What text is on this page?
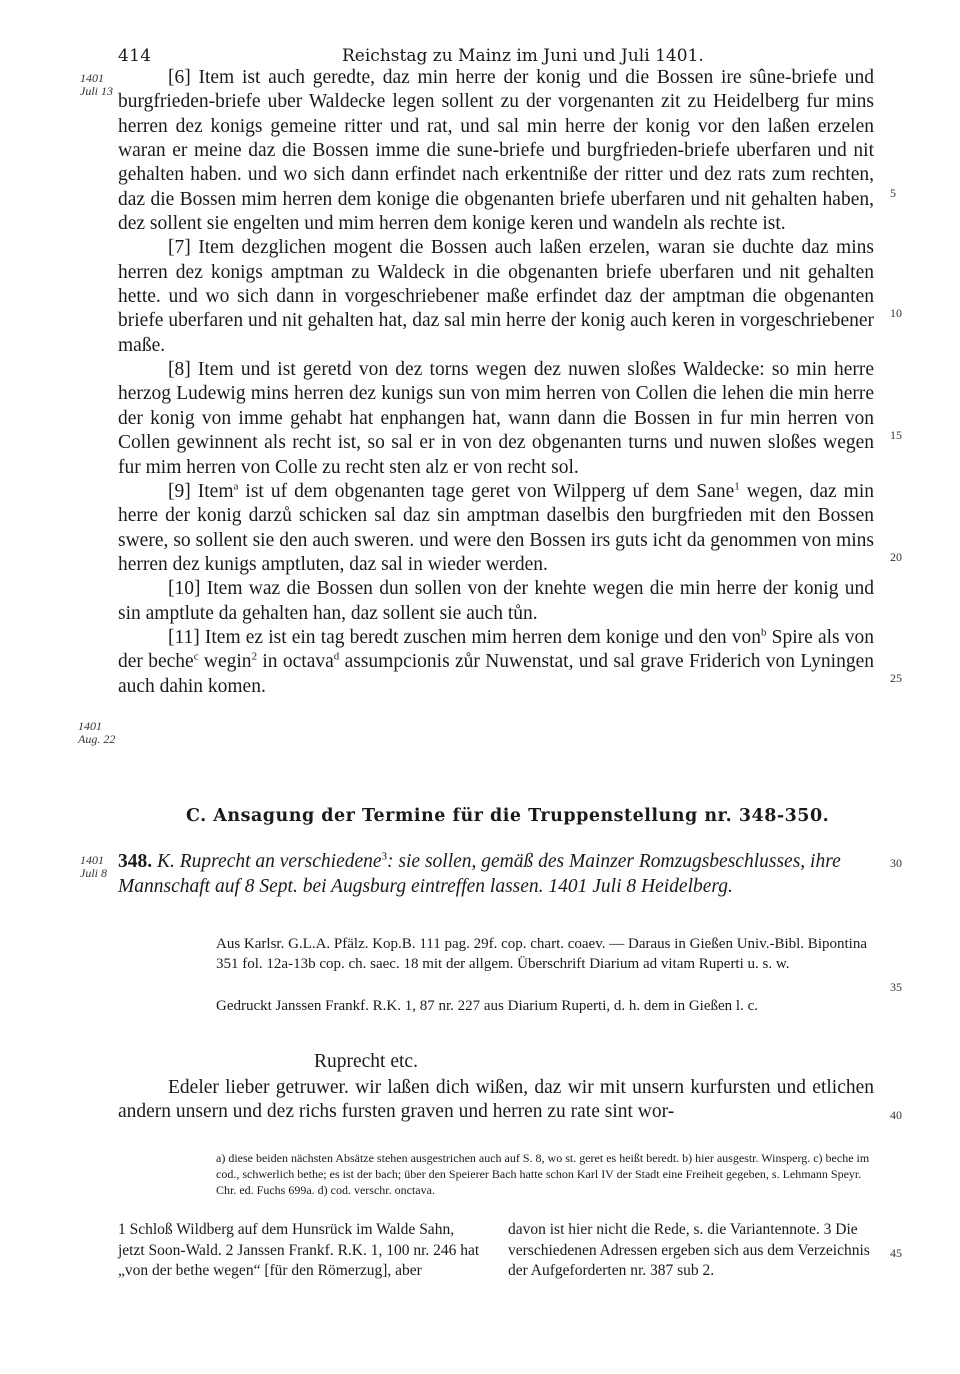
414	Reichstag zu Mainz im Juni und Juli 1401.
1401
Juli 13
1401
Aug. 22
1401
Juli 8
5
10
15
20
25
30
35
40
45

[6] Item ist auch geredte, daz min herre der konig und die Bossen ire sûne-briefe und burgfrieden-briefe uber Waldecke legen sollent zu der vorgenanten zit zu Heidelberg fur mins herren dez konigs gemeine ritter und rat, und sal min herre der konig vor den laßen erzelen waran er meine daz die Bossen imme die sune-briefe und burgfrieden-briefe uberfaren und nit gehalten haben. und wo sich dann erfindet nach erkentniße der ritter und dez rats zum rechten, daz die Bossen mim herren dem konige die obgenanten briefe uberfaren und nit gehalten haben, dez sollent sie engelten und mim herren dem konige keren und wandeln als rechte ist.

[7] Item dezglichen mogent die Bossen auch laßen erzelen, waran sie duchte daz mins herren dez konigs amptman zu Waldeck in die obgenanten briefe uberfaren und nit gehalten hette. und wo sich dann in vorgeschriebener maße erfindet daz der amptman die obgenanten briefe uberfaren und nit gehalten hat, daz sal min herre der konig auch keren in vorgeschriebener maße.

[8] Item und ist geretd von dez torns wegen dez nuwen sloßes Waldecke: so min herre herzog Ludewig mins herren dez kunigs sun von mim herren von Collen die lehen die min herre der konig von imme gehabt hat enphangen hat, wann dann die Bossen in fur min herren von Collen gewinnent als recht ist, so sal er in von dez obgenanten turns und nuwen sloßes wegen fur mim herren von Colle zu recht sten alz er von recht sol.

[9] Item$^a$ ist uf dem obgenanten tage geret von Wilpperg uf dem Sane$^1$ wegen, daz min herre der konig darzů schicken sal daz sin amptman daselbis den burgfrieden mit den Bossen swere, so sollent sie den auch sweren. und were den Bossen irs guts icht da genommen von mins herren dez kunigs amptluten, daz sal in wieder werden.

[10] Item waz die Bossen dun sollen von der knehte wegen die min herre der konig und sin amptlute da gehalten han, daz sollent sie auch tůn.

[11] Item ez ist ein tag beredt zuschen mim herren dem konige und den von$^b$ Spire als von der beche$^c$ wegin$^2$ in octava$^d$ assumpcionis zůr Nuwenstat, und sal grave Friderich von Lyningen auch dahin komen.

C. Ansagung der Termine für die Truppenstellung nr. 348-350.
348. K. Ruprecht an verschiedene$^3$: sie sollen, gemäß des Mainzer Romzugsbeschlusses, ihre Mannschaft auf 8 Sept. bei Augsburg eintreffen lassen. 1401 Juli 8 Heidelberg.
Aus Karlsr. G.L.A. Pfälz. Kop.B. 111 pag. 29f. cop. chart. coaev. — Daraus in Gießen Univ.-Bibl. Bipontina 351 fol. 12a-13b cop. ch. saec. 18 mit der allgem. Überschrift Diarium ad vitam Ruperti u. s. w.
Gedruckt Janssen Frankf. R.K. 1, 87 nr. 227 aus Diarium Ruperti, d. h. dem in Gießen l. c.
Ruprecht etc.
Edeler lieber getruwer. wir laßen dich wißen, daz wir mit unsern kurfursten und etlichen andern unsern und dez richs fursten graven und herren zu rate sint wor-
a) diese beiden nächsten Absätze stehen ausgestrichen auch auf S. 8, wo st. geret es heißt beredt. b) hier ausgestr. Winsperg. c) beche im cod., schwerlich bethe; es ist der bach; über den Speierer Bach hatte schon Karl IV der Stadt eine Freiheit gegeben, s. Lehmann Speyr. Chr. ed. Fuchs 699a. d) cod. verschr. onctava.
1 Schloß Wildberg auf dem Hunsrück im Walde Sahn, jetzt Soon-Wald. 2 Janssen Frankf. R.K. 1, 100 nr. 246 hat „von der bethe wegen“ [für den Römerzug], aber
davon ist hier nicht die Rede, s. die Variantennote. 3 Die verschiedenen Adressen ergeben sich aus dem Verzeichnis der Aufgeforderten nr. 387 sub 2.
